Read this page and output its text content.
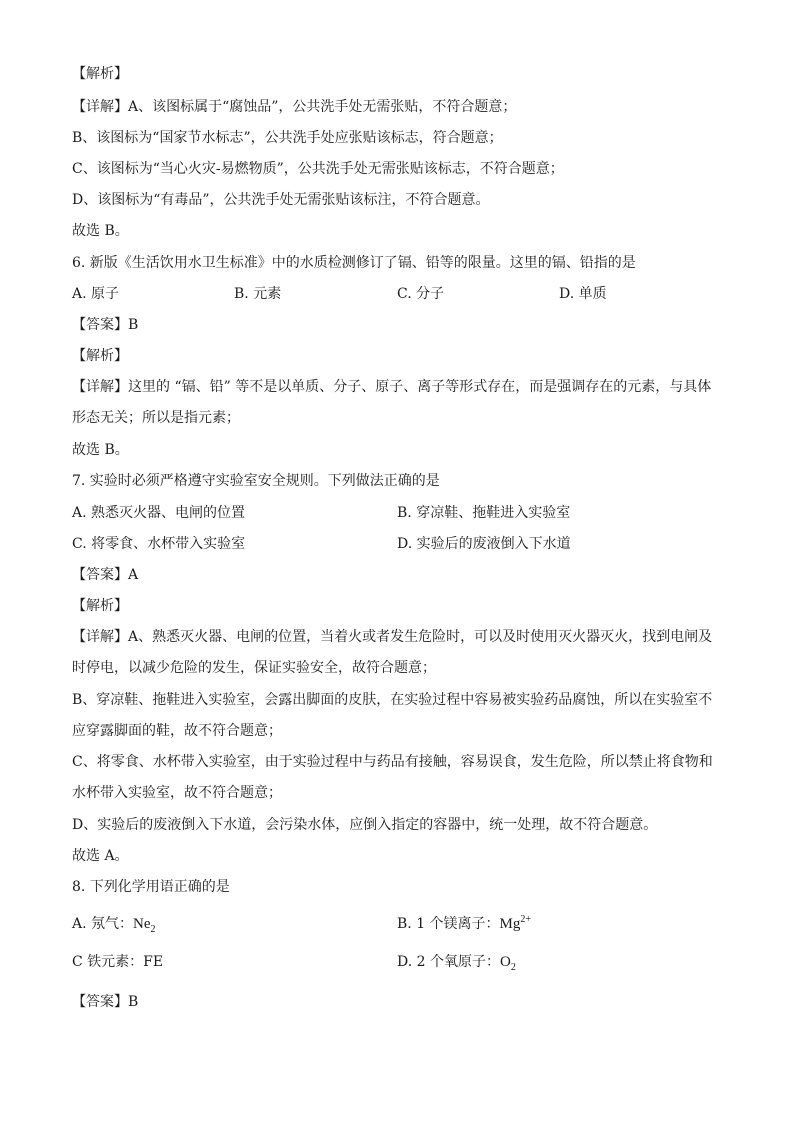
【解析】
【详解】A、该图标属于“腐蚀品”，公共洗手处无需张贴，不符合题意；
B、该图标为“国家节水标志”，公共洗手处应张贴该标志，符合题意；
C、该图标为“当心火灾-易燃物质”，公共洗手处无需张贴该标志，不符合题意；
D、该图标为“有毒品”，公共洗手处无需张贴该标注，不符合题意。
故选 B。
6. 新版《生活饮用水卫生标准》中的水质检测修订了镉、铅等的限量。这里的镉、铅指的是
A. 原子	B. 元素	C. 分子	D. 单质
【答案】B
【解析】
【详解】这里的 “镉、铅” 等不是以单质、分子、原子、离子等形式存在，而是强调存在的元素，与具体
形态无关；所以是指元素；
故选 B。
7. 实验时必须严格遵守实验室安全规则。下列做法正确的是
A. 熟悉灭火器、电闸的位置	B. 穿凉鞋、拖鞋进入实验室
C. 将零食、水杯带入实验室	D. 实验后的废液倒入下水道
【答案】A
【解析】
【详解】A、熟悉灭火器、电闸的位置，当着火或者发生危险时，可以及时使用灭火器灭火，找到电闸及
时停电，以减少危险的发生，保证实验安全，故符合题意；
B、穿凉鞋、拖鞋进入实验室，会露出脚面的皮肤，在实验过程中容易被实验药品腐蚀，所以在实验室不
应穿露脚面的鞋，故不符合题意；
C、将零食、水杯带入实验室，由于实验过程中与药品有接触，容易误食，发生危险，所以禁止将食物和
水杯带入实验室，故不符合题意；
D、实验后的废液倒入下水道，会污染水体，应倒入指定的容器中，统一处理，故不符合题意。
故选 A。
8. 下列化学用语正确的是
A. 氖气：$Ne_2$	B. 1 个镁离子：$Mg^{2+}$
C 铁元素：FE	D. 2 个氧原子：$O_2$
【答案】B
